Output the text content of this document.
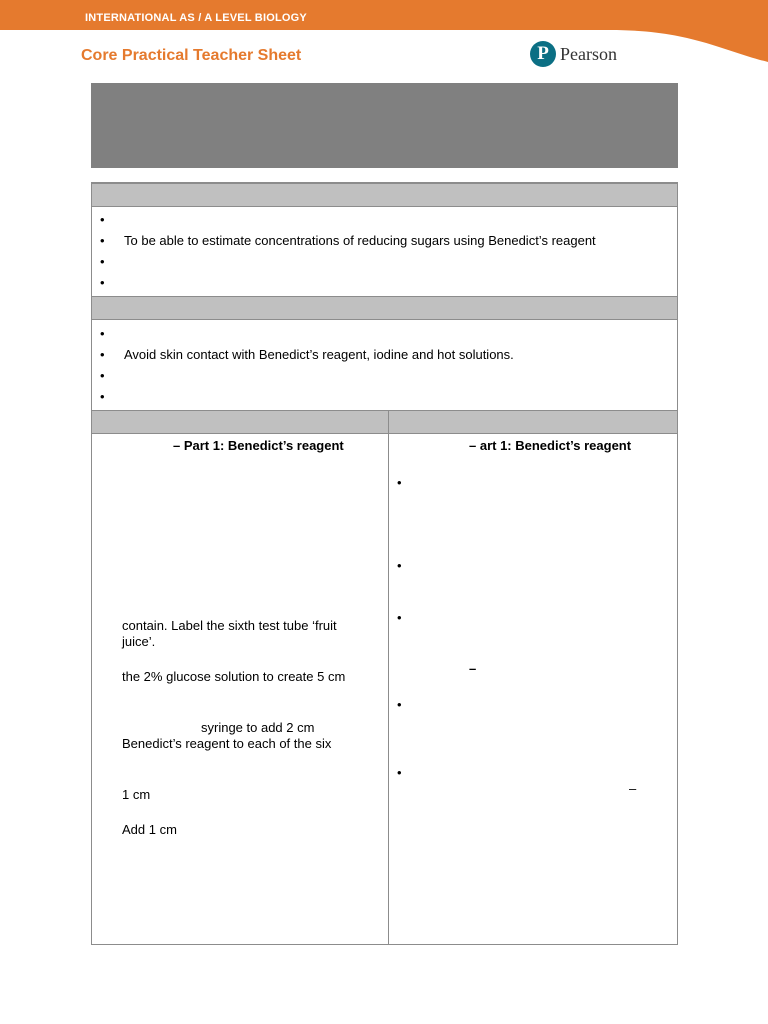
INTERNATIONAL AS / A LEVEL BIOLOGY
Core Practical Teacher Sheet	P Pearson
•
• To be able to estimate concentrations of reducing sugars using Benedict’s reagent
•
•
•
• Avoid skin contact with Benedict’s reagent, iodine and hot solutions.
•
•
– Part 1: Benedict’s reagent
contain. Label the sixth test tube ‘fruit juice’.
the 2% glucose solution to create 5 cm
syringe to add 2 cm
Benedict’s reagent to each of the six
1 cm
Add 1 cm
– art 1: Benedict’s reagent
•
•
•
–
•
•
–
